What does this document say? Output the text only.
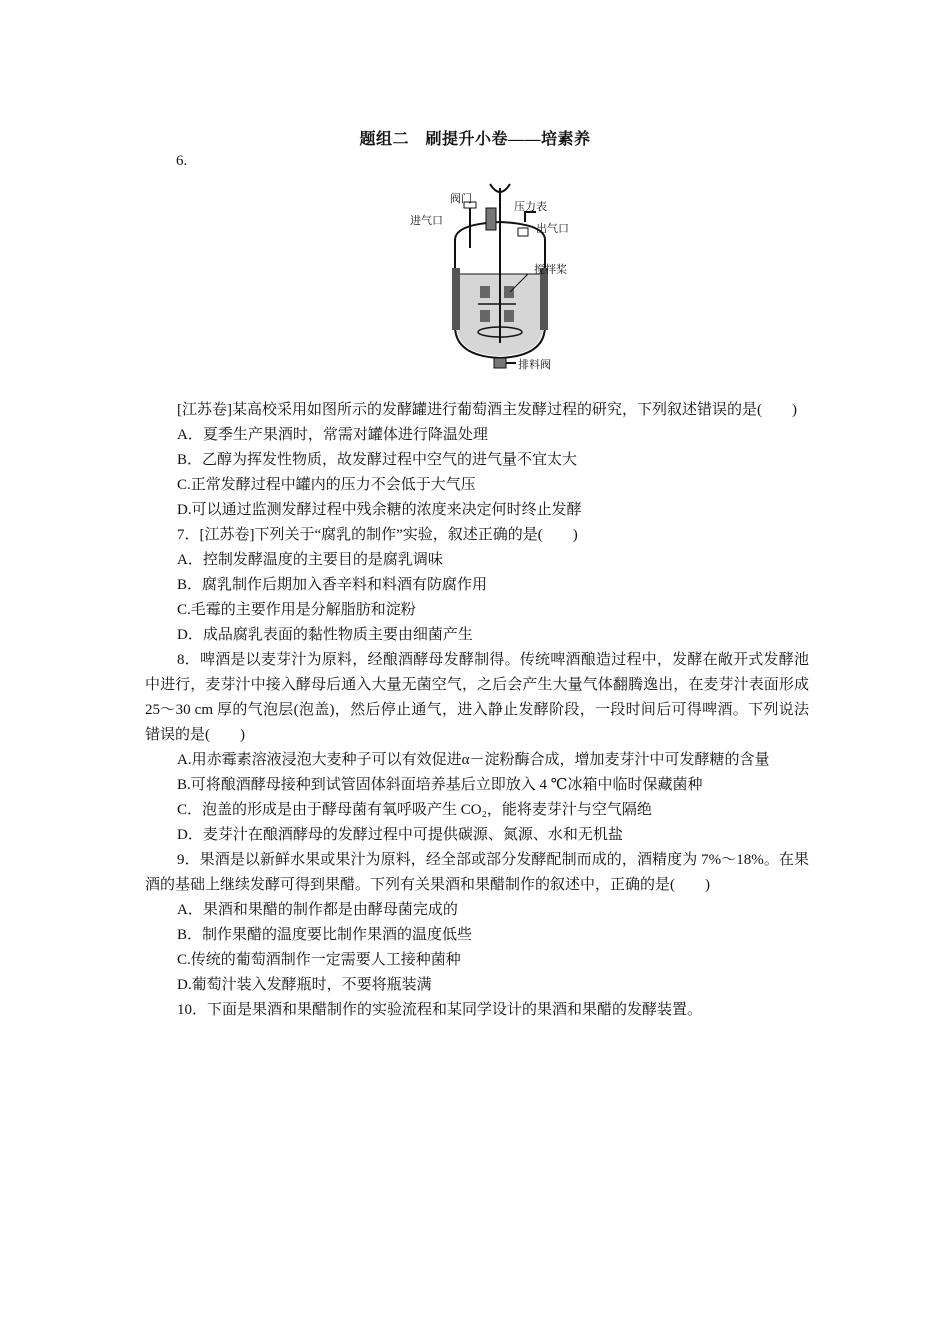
题组二　刷提升小卷——培素养
6.
阀门
压力表
进气口
出气口
搅拌桨
排料阀

[江苏卷]某高校采用如图所示的发酵罐进行葡萄酒主发酵过程的研究，下列叙述错误的是(　　)

A．夏季生产果酒时，常需对罐体进行降温处理

B．乙醇为挥发性物质，故发酵过程中空气的进气量不宜太大

C.正常发酵过程中罐内的压力不会低于大气压

D.可以通过监测发酵过程中残余糖的浓度来决定何时终止发酵

7．[江苏卷]下列关于“腐乳的制作”实验，叙述正确的是(　　)

A．控制发酵温度的主要目的是腐乳调味

B．腐乳制作后期加入香辛料和料酒有防腐作用

C.毛霉的主要作用是分解脂肪和淀粉

D．成品腐乳表面的黏性物质主要由细菌产生

8．啤酒是以麦芽汁为原料，经酿酒酵母发酵制得。传统啤酒酿造过程中，发酵在敞开式发酵池中进行，麦芽汁中接入酵母后通入大量无菌空气，之后会产生大量气体翻腾逸出，在麦芽汁表面形成 25～30 cm 厚的气泡层(泡盖)，然后停止通气，进入静止发酵阶段，一段时间后可得啤酒。下列说法错误的是(　　)

A.用赤霉素溶液浸泡大麦种子可以有效促进α－淀粉酶合成，增加麦芽汁中可发酵糖的含量

B.可将酿酒酵母接种到试管固体斜面培养基后立即放入 4 ℃冰箱中临时保藏菌种

C．泡盖的形成是由于酵母菌有氧呼吸产生 CO₂，能将麦芽汁与空气隔绝

D．麦芽汁在酿酒酵母的发酵过程中可提供碳源、氮源、水和无机盐

9．果酒是以新鲜水果或果汁为原料，经全部或部分发酵配制而成的，酒精度为 7%～18%。在果酒的基础上继续发酵可得到果醋。下列有关果酒和果醋制作的叙述中，正确的是(　　)

A．果酒和果醋的制作都是由酵母菌完成的

B．制作果醋的温度要比制作果酒的温度低些

C.传统的葡萄酒制作一定需要人工接种菌种

D.葡萄汁装入发酵瓶时，不要将瓶装满

10．下面是果酒和果醋制作的实验流程和某同学设计的果酒和果醋的发酵装置。
